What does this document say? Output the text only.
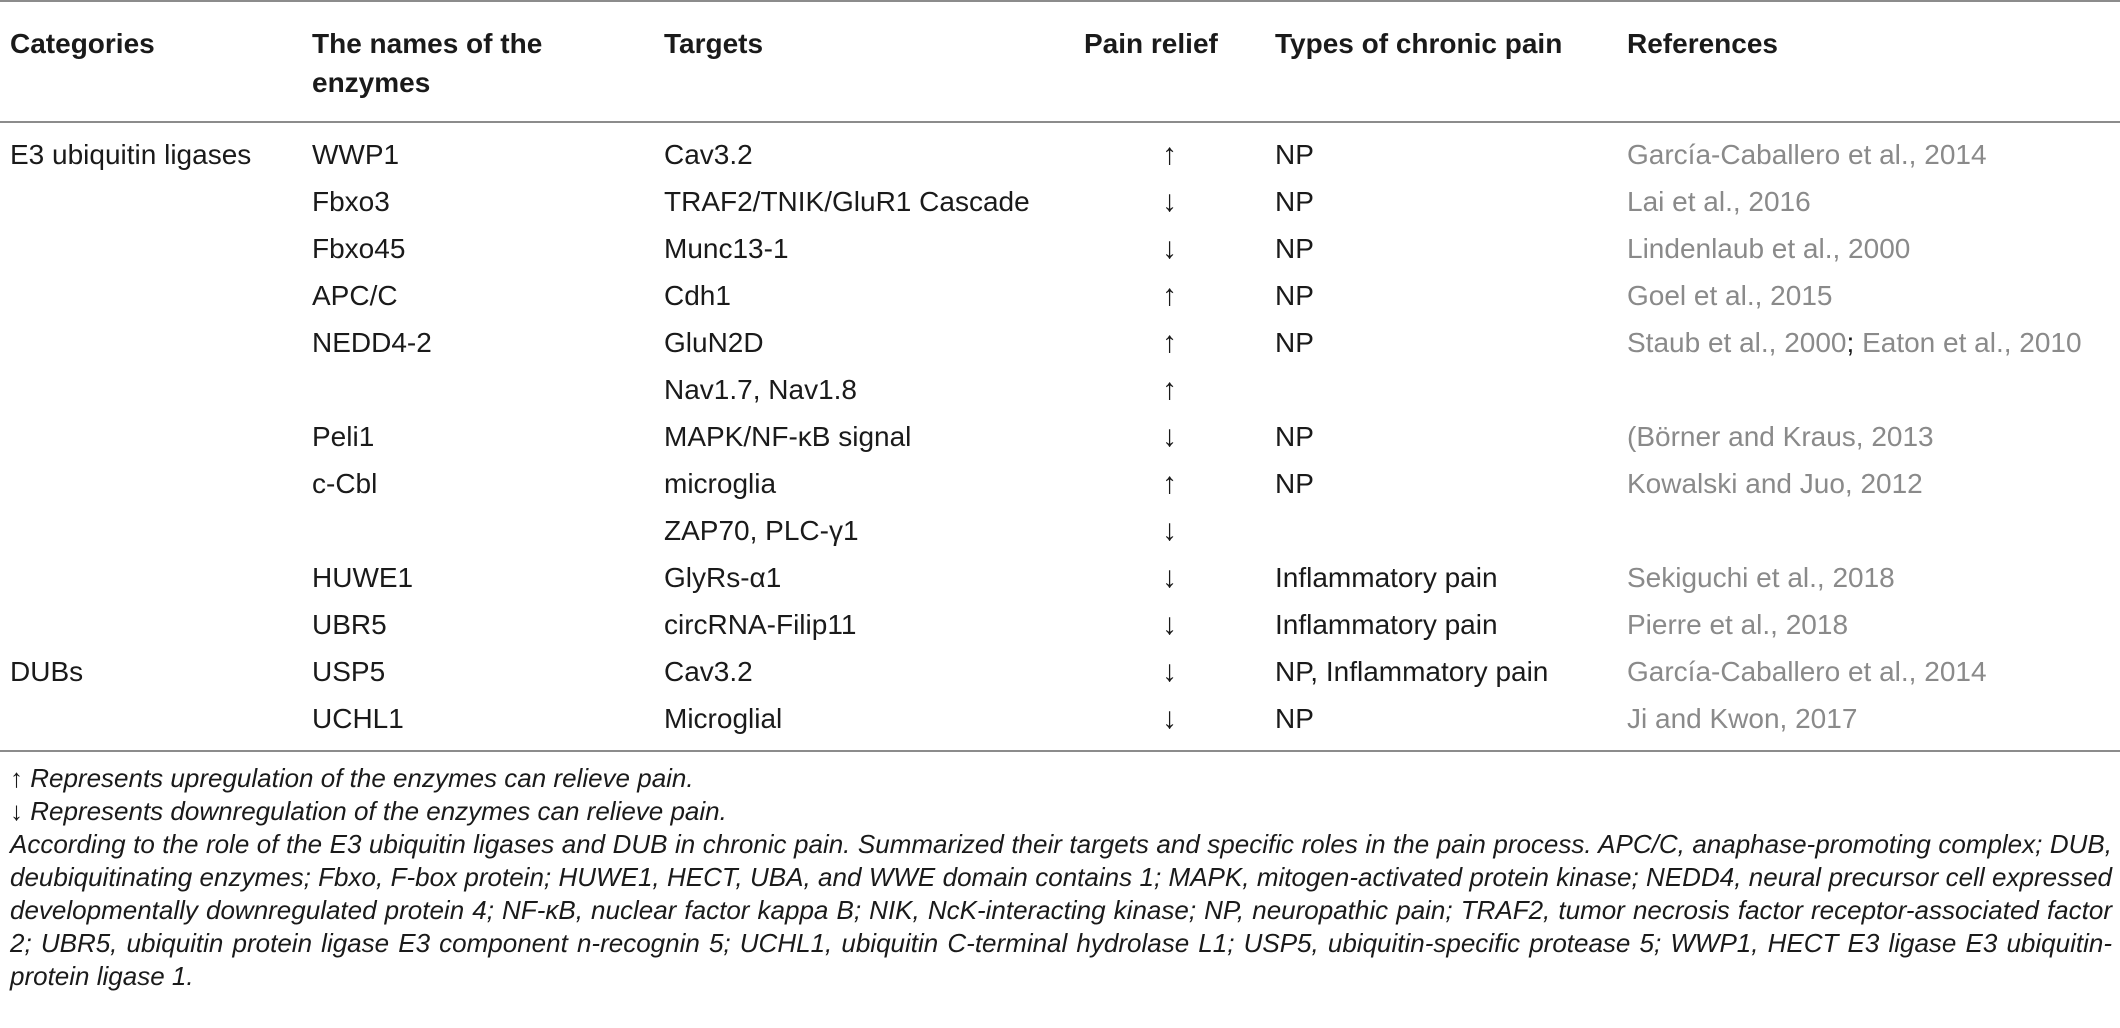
Categories	The names of the enzymes	Targets	Pain relief	Types of chronic pain	References
E3 ubiquitin ligases	WWP1	Cav3.2	↑	NP	García-Caballero et al., 2014
	Fbxo3	TRAF2/TNIK/GluR1 Cascade	↓	NP	Lai et al., 2016
	Fbxo45	Munc13-1	↓	NP	Lindenlaub et al., 2000
	APC/C	Cdh1	↑	NP	Goel et al., 2015
	NEDD4-2	GluN2D	↑	NP	Staub et al., 2000; Eaton et al., 2010
		Nav1.7, Nav1.8	↑		
	Peli1	MAPK/NF-κB signal	↓	NP	(Börner and Kraus, 2013
	c-Cbl	microglia	↑	NP	Kowalski and Juo, 2012
		ZAP70, PLC-γ1	↓		
	HUWE1	GlyRs-α1	↓	Inflammatory pain	Sekiguchi et al., 2018
	UBR5	circRNA-Filip11	↓	Inflammatory pain	Pierre et al., 2018
DUBs	USP5	Cav3.2	↓	NP, Inflammatory pain	García-Caballero et al., 2014
	UCHL1	Microglial	↓	NP	Ji and Kwon, 2017

↑ Represents upregulation of the enzymes can relieve pain.

↓ Represents downregulation of the enzymes can relieve pain.

According to the role of the E3 ubiquitin ligases and DUB in chronic pain. Summarized their targets and specific roles in the pain process. APC/C, anaphase-promoting complex; DUB, deubiquitinating enzymes; Fbxo, F-box protein; HUWE1, HECT, UBA, and WWE domain contains 1; MAPK, mitogen-activated protein kinase; NEDD4, neural precursor cell expressed developmentally downregulated protein 4; NF-κB, nuclear factor kappa B; NIK, NcK-interacting kinase; NP, neuropathic pain; TRAF2, tumor necrosis factor receptor-associated factor 2; UBR5, ubiquitin protein ligase E3 component n-recognin 5; UCHL1, ubiquitin C-terminal hydrolase L1; USP5, ubiquitin-specific protease 5; WWP1, HECT E3 ligase E3 ubiquitin-protein ligase 1.
